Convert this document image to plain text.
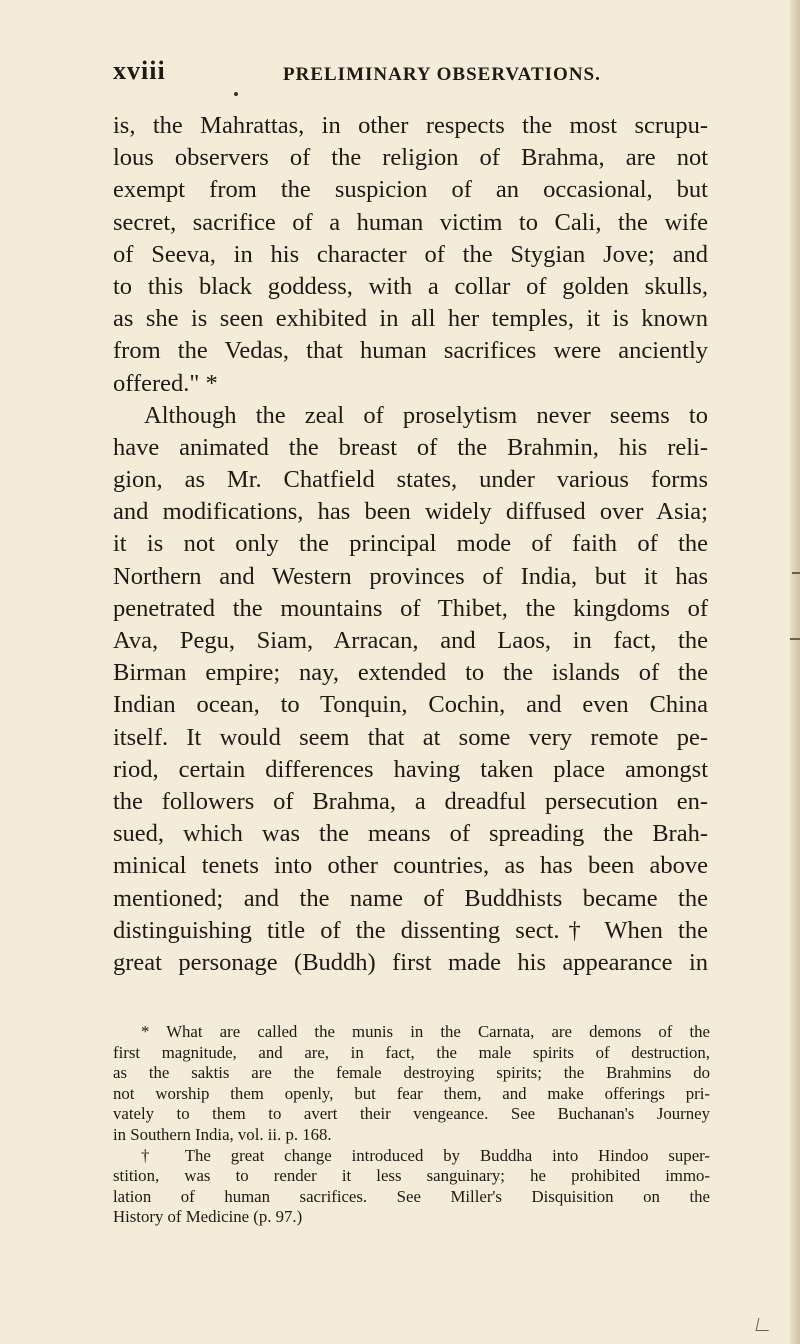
xviii	PRELIMINARY OBSERVATIONS.
is, the Mahrattas, in other respects the most scrupu-
lous observers of the religion of Brahma, are not
exempt from the suspicion of an occasional, but
secret, sacrifice of a human victim to Cali, the wife
of Seeva, in his character of the Stygian Jove; and
to this black goddess, with a collar of golden skulls,
as she is seen exhibited in all her temples, it is known
from the Vedas, that human sacrifices were anciently
offered." *
Although the zeal of proselytism never seems to
have animated the breast of the Brahmin, his reli-
gion, as Mr. Chatfield states, under various forms
and modifications, has been widely diffused over Asia;
it is not only the principal mode of faith of the
Northern and Western provinces of India, but it has
penetrated the mountains of Thibet, the kingdoms of
Ava, Pegu, Siam, Arracan, and Laos, in fact, the
Birman empire; nay, extended to the islands of the
Indian ocean, to Tonquin, Cochin, and even China
itself. It would seem that at some very remote pe-
riod, certain differences having taken place amongst
the followers of Brahma, a dreadful persecution en-
sued, which was the means of spreading the Brah-
minical tenets into other countries, as has been above
mentioned; and the name of Buddhists became the
distinguishing title of the dissenting sect.† When the
great personage (Buddh) first made his appearance in
* What are called the munis in the Carnata, are demons of the
first magnitude, and are, in fact, the male spirits of destruction,
as the saktis are the female destroying spirits; the Brahmins do
not worship them openly, but fear them, and make offerings pri-
vately to them to avert their vengeance. See Buchanan's Journey
in Southern India, vol. ii. p. 168.
† The great change introduced by Buddha into Hindoo super-
stition, was to render it less sanguinary; he prohibited immo-
lation of human sacrifices. See Miller's Disquisition on the
History of Medicine (p. 97.)
